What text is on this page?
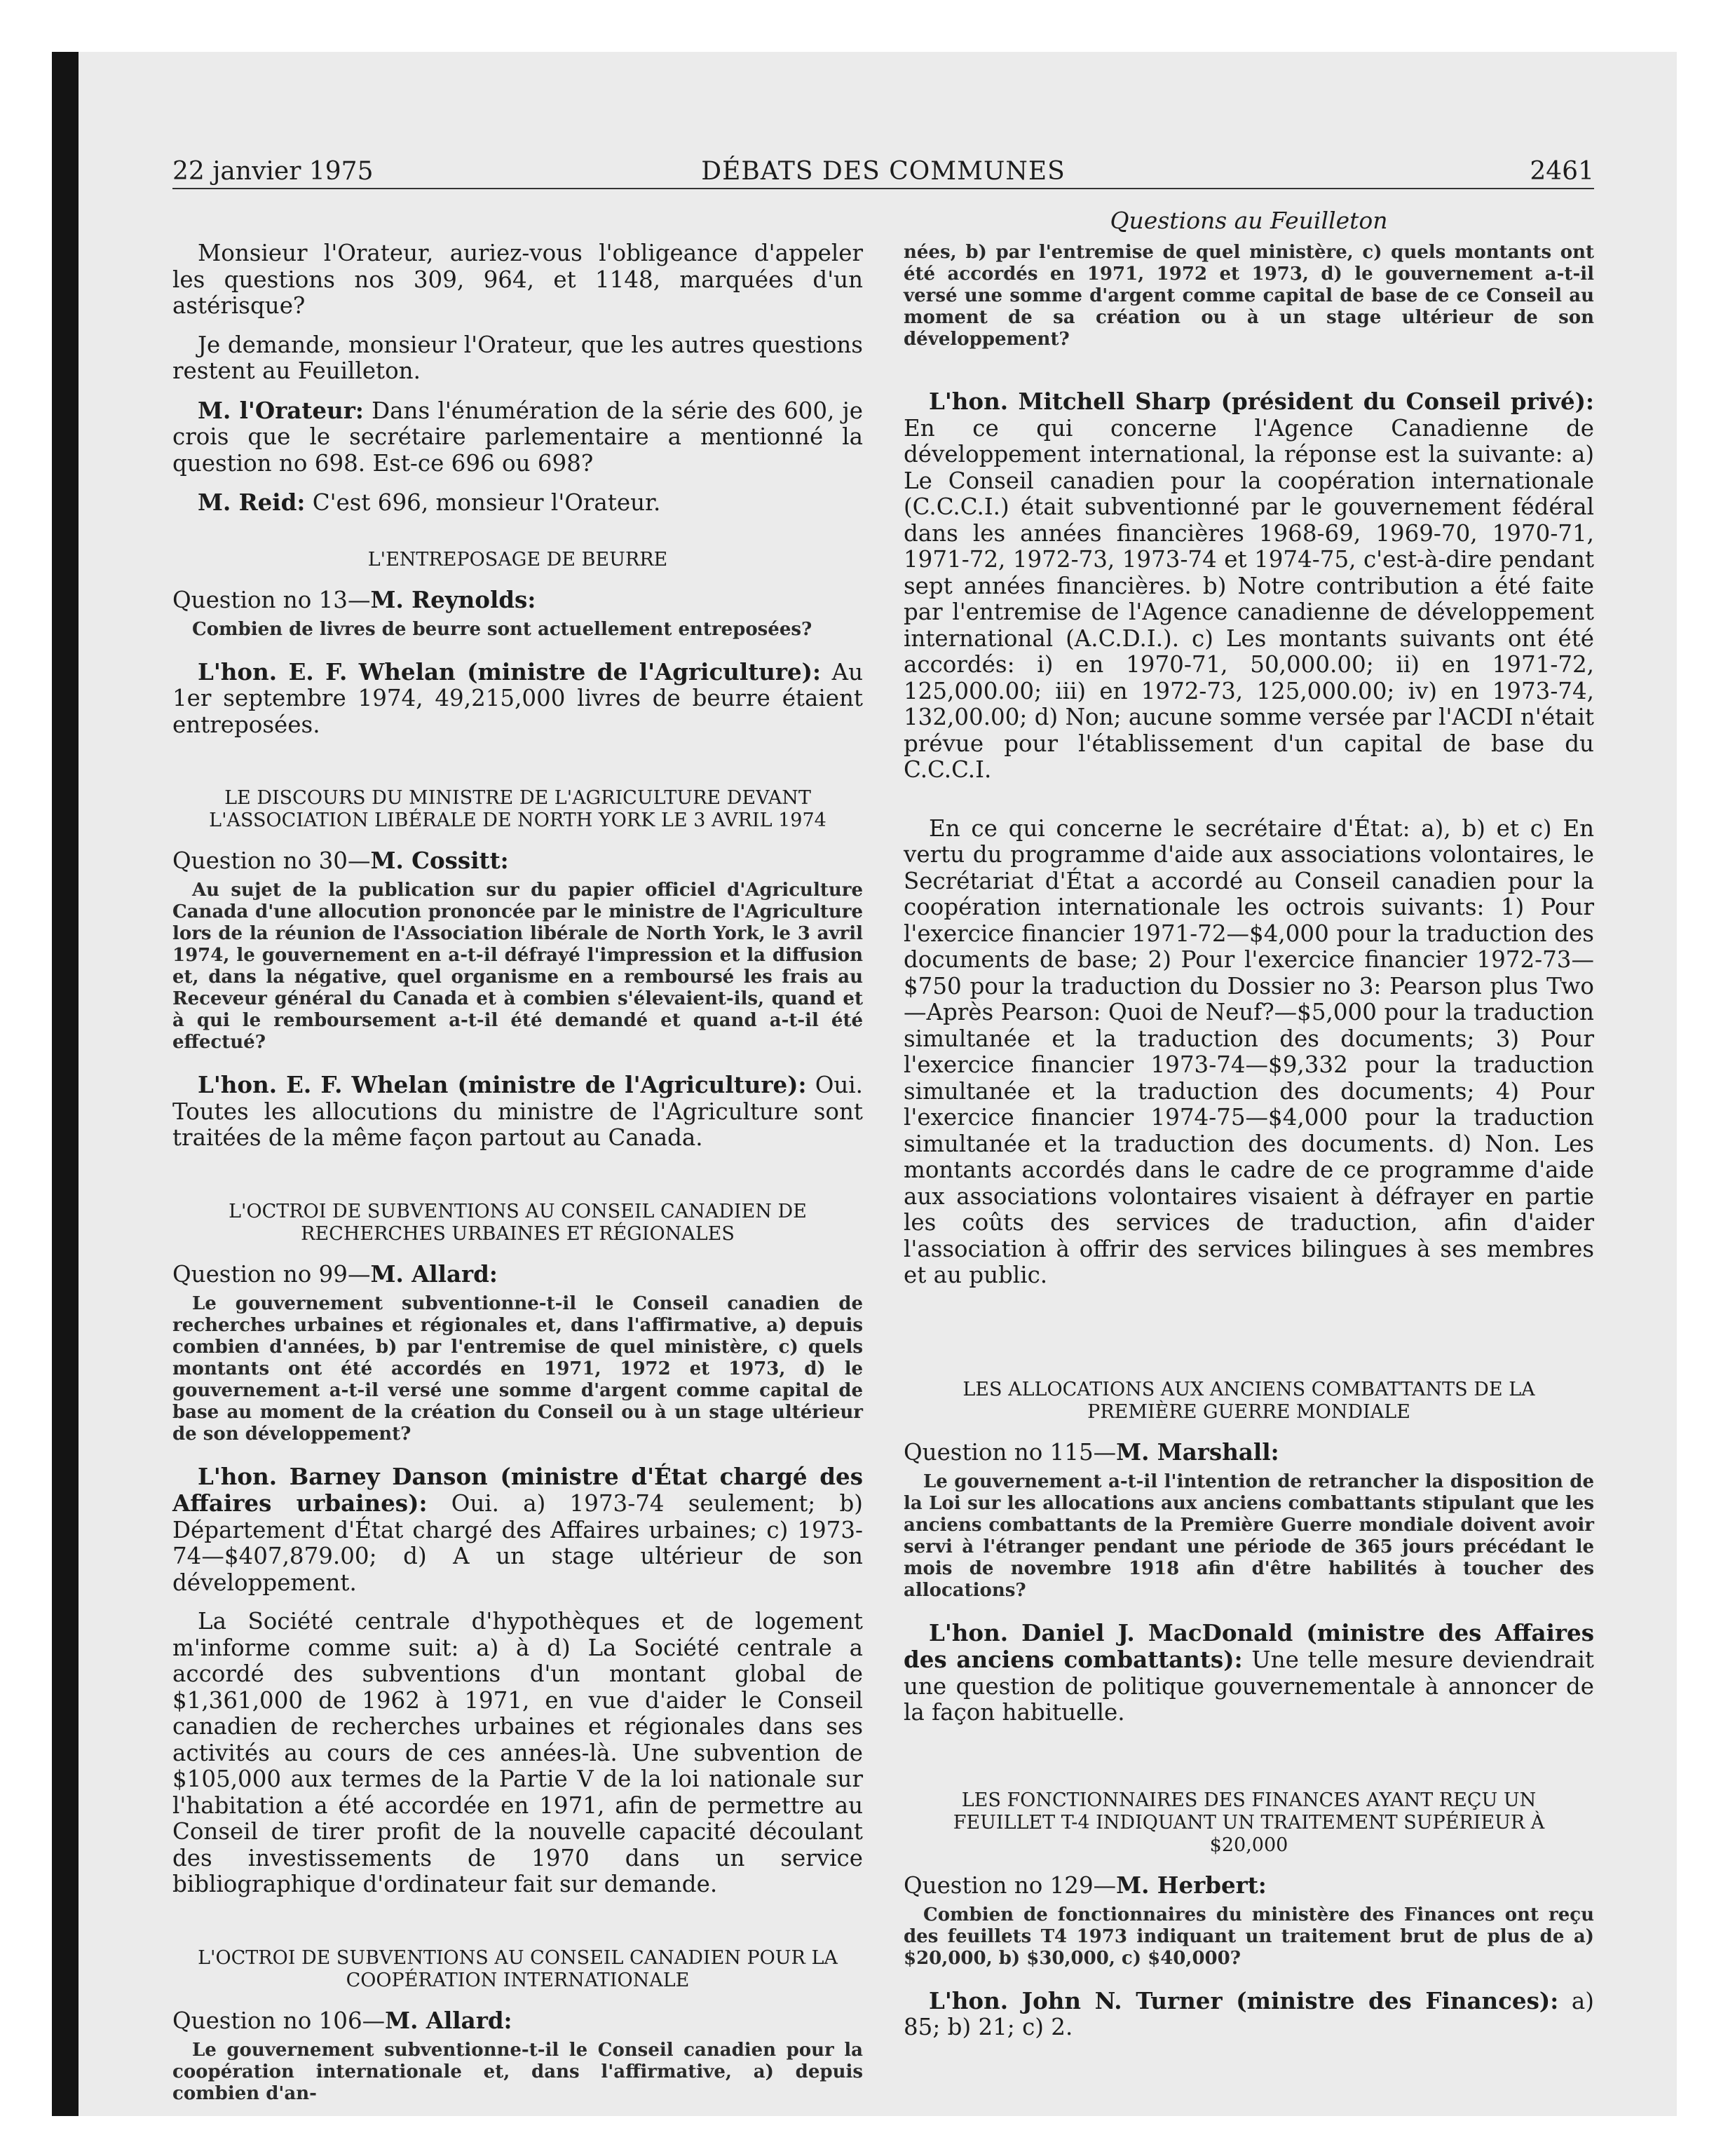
22 janvier 1975	DÉBATS DES COMMUNES	2461

Monsieur l'Orateur, auriez-vous l'obligeance d'appeler les questions nos 309, 964, et 1148, marquées d'un astérisque?

Je demande, monsieur l'Orateur, que les autres questions restent au Feuilleton.

M. l'Orateur: Dans l'énumération de la série des 600, je crois que le secrétaire parlementaire a mentionné la question no 698. Est-ce 696 ou 698?

M. Reid: C'est 696, monsieur l'Orateur.

L'ENTREPOSAGE DE BEURRE

Question no 13—M. Reynolds:

Combien de livres de beurre sont actuellement entreposées?

L'hon. E. F. Whelan (ministre de l'Agriculture): Au 1er septembre 1974, 49,215,000 livres de beurre étaient entreposées.

LE DISCOURS DU MINISTRE DE L'AGRICULTURE DEVANT
L'ASSOCIATION LIBÉRALE DE NORTH YORK LE 3 AVRIL 1974

Question no 30—M. Cossitt:

Au sujet de la publication sur du papier officiel d'Agriculture Canada d'une allocution prononcée par le ministre de l'Agriculture lors de la réunion de l'Association libérale de North York, le 3 avril 1974, le gouvernement en a-t-il défrayé l'impression et la diffusion et, dans la négative, quel organisme en a remboursé les frais au Receveur général du Canada et à combien s'élevaient-ils, quand et à qui le remboursement a-t-il été demandé et quand a-t-il été effectué?

L'hon. E. F. Whelan (ministre de l'Agriculture): Oui. Toutes les allocutions du ministre de l'Agriculture sont traitées de la même façon partout au Canada.

L'OCTROI DE SUBVENTIONS AU CONSEIL CANADIEN DE
RECHERCHES URBAINES ET RÉGIONALES

Question no 99—M. Allard:

Le gouvernement subventionne-t-il le Conseil canadien de recherches urbaines et régionales et, dans l'affirmative, a) depuis combien d'années, b) par l'entremise de quel ministère, c) quels montants ont été accordés en 1971, 1972 et 1973, d) le gouvernement a-t-il versé une somme d'argent comme capital de base au moment de la création du Conseil ou à un stage ultérieur de son développement?

L'hon. Barney Danson (ministre d'État chargé des Affaires urbaines): Oui. a) 1973-74 seulement; b) Département d'État chargé des Affaires urbaines; c) 1973-74—$407,879.00; d) A un stage ultérieur de son développement.

La Société centrale d'hypothèques et de logement m'informe comme suit: a) à d) La Société centrale a accordé des subventions d'un montant global de $1,361,000 de 1962 à 1971, en vue d'aider le Conseil canadien de recherches urbaines et régionales dans ses activités au cours de ces années-là. Une subvention de $105,000 aux termes de la Partie V de la loi nationale sur l'habitation a été accordée en 1971, afin de permettre au Conseil de tirer profit de la nouvelle capacité découlant des investissements de 1970 dans un service bibliographique d'ordinateur fait sur demande.

L'OCTROI DE SUBVENTIONS AU CONSEIL CANADIEN POUR LA
COOPÉRATION INTERNATIONALE

Question no 106—M. Allard:

Le gouvernement subventionne-t-il le Conseil canadien pour la coopération internationale et, dans l'affirmative, a) depuis combien d'an-

Questions au Feuilleton

nées, b) par l'entremise de quel ministère, c) quels montants ont été accordés en 1971, 1972 et 1973, d) le gouvernement a-t-il versé une somme d'argent comme capital de base de ce Conseil au moment de sa création ou à un stage ultérieur de son développement?

L'hon. Mitchell Sharp (président du Conseil privé): En ce qui concerne l'Agence Canadienne de développement international, la réponse est la suivante: a) Le Conseil canadien pour la coopération internationale (C.C.C.I.) était subventionné par le gouvernement fédéral dans les années financières 1968-69, 1969-70, 1970-71, 1971-72, 1972-73, 1973-74 et 1974-75, c'est-à-dire pendant sept années financières. b) Notre contribution a été faite par l'entremise de l'Agence canadienne de développement international (A.C.D.I.). c) Les montants suivants ont été accordés: i) en 1970-71, 50,000.00; ii) en 1971-72, 125,000.00; iii) en 1972-73, 125,000.00; iv) en 1973-74, 132,00.00; d) Non; aucune somme versée par l'ACDI n'était prévue pour l'établissement d'un capital de base du C.C.C.I.

En ce qui concerne le secrétaire d'État: a), b) et c) En vertu du programme d'aide aux associations volontaires, le Secrétariat d'État a accordé au Conseil canadien pour la coopération internationale les octrois suivants: 1) Pour l'exercice financier 1971-72—$4,000 pour la traduction des documents de base; 2) Pour l'exercice financier 1972-73—$750 pour la traduction du Dossier no 3: Pearson plus Two—Après Pearson: Quoi de Neuf?—$5,000 pour la traduction simultanée et la traduction des documents; 3) Pour l'exercice financier 1973-74—$9,332 pour la traduction simultanée et la traduction des documents; 4) Pour l'exercice financier 1974-75—$4,000 pour la traduction simultanée et la traduction des documents. d) Non. Les montants accordés dans le cadre de ce programme d'aide aux associations volontaires visaient à défrayer en partie les coûts des services de traduction, afin d'aider l'association à offrir des services bilingues à ses membres et au public.

LES ALLOCATIONS AUX ANCIENS COMBATTANTS DE LA
PREMIÈRE GUERRE MONDIALE

Question no 115—M. Marshall:

Le gouvernement a-t-il l'intention de retrancher la disposition de la Loi sur les allocations aux anciens combattants stipulant que les anciens combattants de la Première Guerre mondiale doivent avoir servi à l'étranger pendant une période de 365 jours précédant le mois de novembre 1918 afin d'être habilités à toucher des allocations?

L'hon. Daniel J. MacDonald (ministre des Affaires des anciens combattants): Une telle mesure deviendrait une question de politique gouvernementale à annoncer de la façon habituelle.

LES FONCTIONNAIRES DES FINANCES AYANT REÇU UN
FEUILLET T-4 INDIQUANT UN TRAITEMENT SUPÉRIEUR À
$20,000

Question no 129—M. Herbert:

Combien de fonctionnaires du ministère des Finances ont reçu des feuillets T4 1973 indiquant un traitement brut de plus de a) $20,000, b) $30,000, c) $40,000?

L'hon. John N. Turner (ministre des Finances): a) 85; b) 21; c) 2.
